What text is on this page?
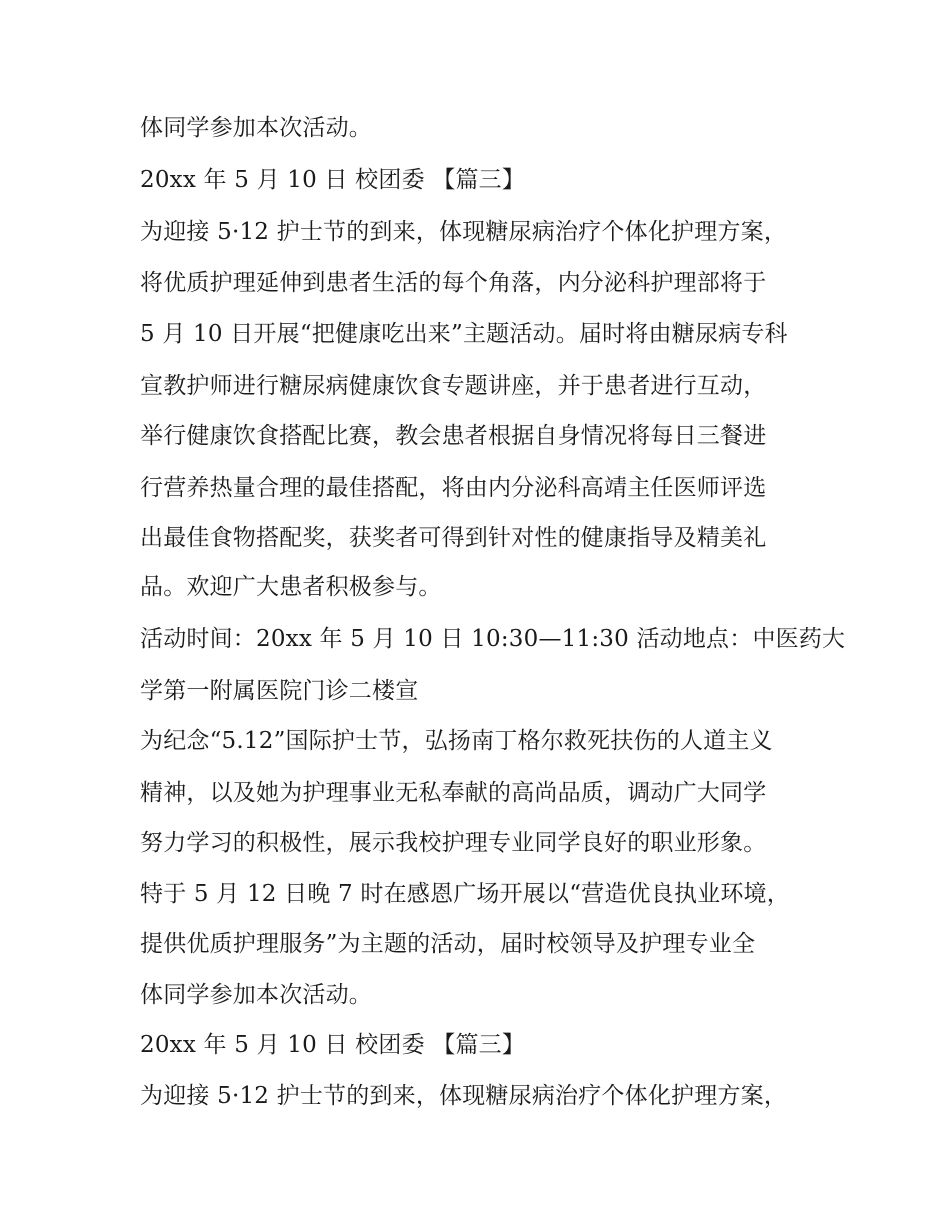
体同学参加本次活动。
20xx 年 5 月 10 日 校团委 【篇三】
为迎接 5·12 护士节的到来，体现糖尿病治疗个体化护理方案，
将优质护理延伸到患者生活的每个角落，内分泌科护理部将于
5 月 10 日开展“把健康吃出来”主题活动。届时将由糖尿病专科
宣教护师进行糖尿病健康饮食专题讲座，并于患者进行互动，
举行健康饮食搭配比赛，教会患者根据自身情况将每日三餐进
行营养热量合理的最佳搭配，将由内分泌科高靖主任医师评选
出最佳食物搭配奖，获奖者可得到针对性的健康指导及精美礼
品。欢迎广大患者积极参与。
活动时间：20xx 年 5 月 10 日 10:30—11:30 活动地点：中医药大
学第一附属医院门诊二楼宣
为纪念“5.12”国际护士节，弘扬南丁格尔救死扶伤的人道主义
精神，以及她为护理事业无私奉献的高尚品质，调动广大同学
努力学习的积极性，展示我校护理专业同学良好的职业形象。
特于 5 月 12 日晚 7 时在感恩广场开展以“营造优良执业环境，
提供优质护理服务”为主题的活动，届时校领导及护理专业全
体同学参加本次活动。
20xx 年 5 月 10 日 校团委 【篇三】
为迎接 5·12 护士节的到来，体现糖尿病治疗个体化护理方案，
